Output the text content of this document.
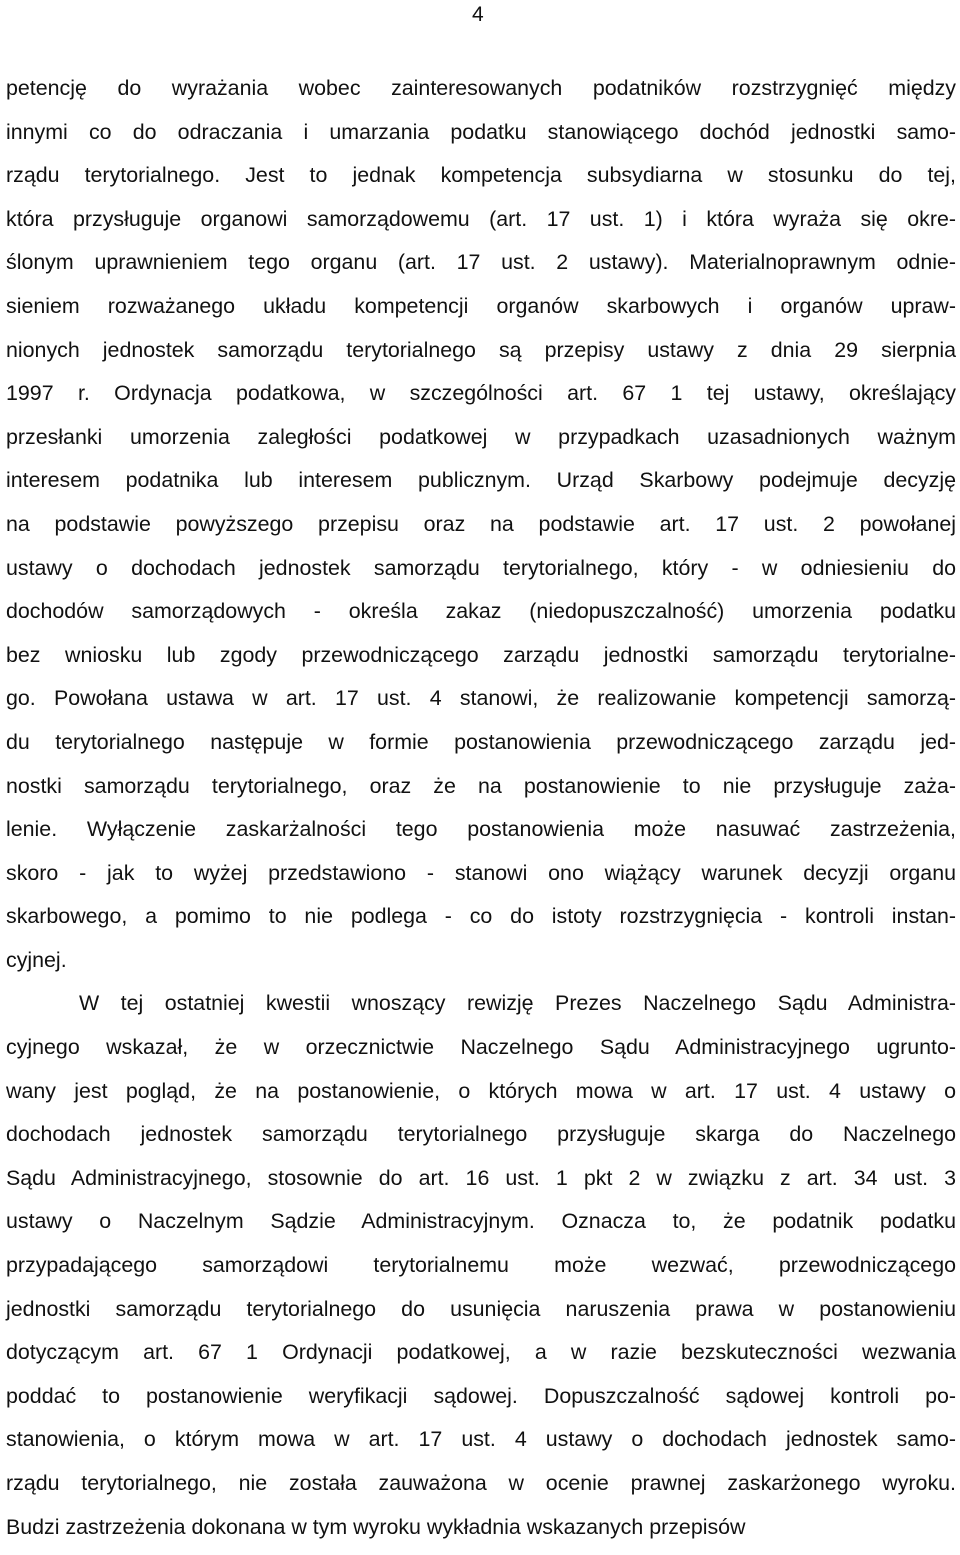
4
petencję do wyrażania wobec zainteresowanych podatników rozstrzygnięć między
innymi co do odraczania i umarzania podatku stanowiącego dochód jednostki samo-
rządu terytorialnego. Jest to jednak kompetencja subsydiarna w stosunku do tej,
która przysługuje organowi samorządowemu (art. 17 ust. 1) i która wyraża się okre-
ślonym uprawnieniem tego organu (art. 17 ust. 2 ustawy). Materialnoprawnym odnie-
sieniem rozważanego układu kompetencji organów skarbowych i organów upraw-
nionych jednostek samorządu terytorialnego są przepisy ustawy z dnia 29 sierpnia
1997 r. Ordynacja podatkowa, w szczególności art. 67 1 tej ustawy, określający
przesłanki umorzenia zaległości podatkowej w przypadkach uzasadnionych ważnym
interesem podatnika lub interesem publicznym. Urząd Skarbowy podejmuje decyzję
na podstawie powyższego przepisu oraz na podstawie art. 17 ust. 2 powołanej
ustawy o dochodach jednostek samorządu terytorialnego, który - w odniesieniu do
dochodów samorządowych - określa zakaz (niedopuszczalność) umorzenia podatku
bez wniosku lub zgody przewodniczącego zarządu jednostki samorządu terytorialne-
go. Powołana ustawa w art. 17 ust. 4 stanowi, że realizowanie kompetencji samorzą-
du terytorialnego następuje w formie postanowienia przewodniczącego zarządu jed-
nostki samorządu terytorialnego, oraz że na postanowienie to nie przysługuje zaża-
lenie. Wyłączenie zaskarżalności tego postanowienia może nasuwać zastrzeżenia,
skoro - jak to wyżej przedstawiono - stanowi ono wiążący warunek decyzji organu
skarbowego, a pomimo to nie podlega - co do istoty rozstrzygnięcia - kontroli instan-
cyjnej.
W tej ostatniej kwestii wnoszący rewizję Prezes Naczelnego Sądu Administra-
cyjnego wskazał, że w orzecznictwie Naczelnego Sądu Administracyjnego ugrunto-
wany jest pogląd, że na postanowienie, o których mowa w art. 17 ust. 4 ustawy o
dochodach jednostek samorządu terytorialnego przysługuje skarga do Naczelnego
Sądu Administracyjnego, stosownie do art. 16 ust. 1 pkt 2 w związku z art. 34 ust. 3
ustawy o Naczelnym Sądzie Administracyjnym. Oznacza to, że podatnik podatku
przypadającego samorządowi terytorialnemu może wezwać, przewodniczącego
jednostki samorządu terytorialnego do usunięcia naruszenia prawa w postanowieniu
dotyczącym art. 67 1 Ordynacji podatkowej, a w razie bezskuteczności wezwania
poddać to postanowienie weryfikacji sądowej. Dopuszczalność sądowej kontroli po-
stanowienia, o którym mowa w art. 17 ust. 4 ustawy o dochodach jednostek samo-
rządu terytorialnego, nie została zauważona w ocenie prawnej zaskarżonego wyroku.
Budzi zastrzeżenia dokonana w tym wyroku wykładnia wskazanych przepisów
